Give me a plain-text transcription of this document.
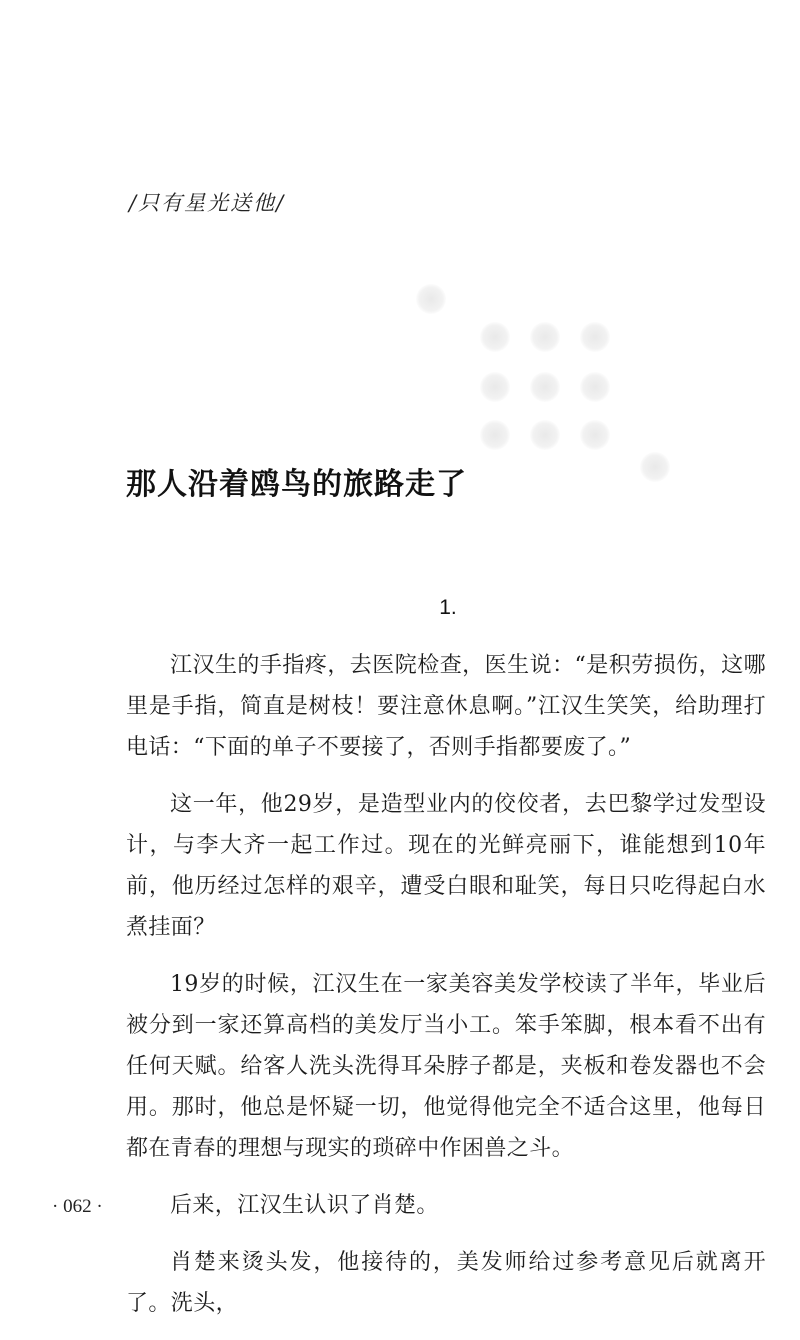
/只有星光送他/
那人沿着鸥鸟的旅路走了
1.

江汉生的手指疼，去医院检查，医生说：“是积劳损伤，这哪里是手指，简直是树枝！要注意休息啊。”江汉生笑笑，给助理打电话：“下面的单子不要接了，否则手指都要废了。”

这一年，他29岁，是造型业内的佼佼者，去巴黎学过发型设计，与李大齐一起工作过。现在的光鲜亮丽下，谁能想到10年前，他历经过怎样的艰辛，遭受白眼和耻笑，每日只吃得起白水煮挂面？

19岁的时候，江汉生在一家美容美发学校读了半年，毕业后被分到一家还算高档的美发厅当小工。笨手笨脚，根本看不出有任何天赋。给客人洗头洗得耳朵脖子都是，夹板和卷发器也不会用。那时，他总是怀疑一切，他觉得他完全不适合这里，他每日都在青春的理想与现实的琐碎中作困兽之斗。

后来，江汉生认识了肖楚。

肖楚来烫头发，他接待的，美发师给过参考意见后就离开了。洗头，

· 062 ·
